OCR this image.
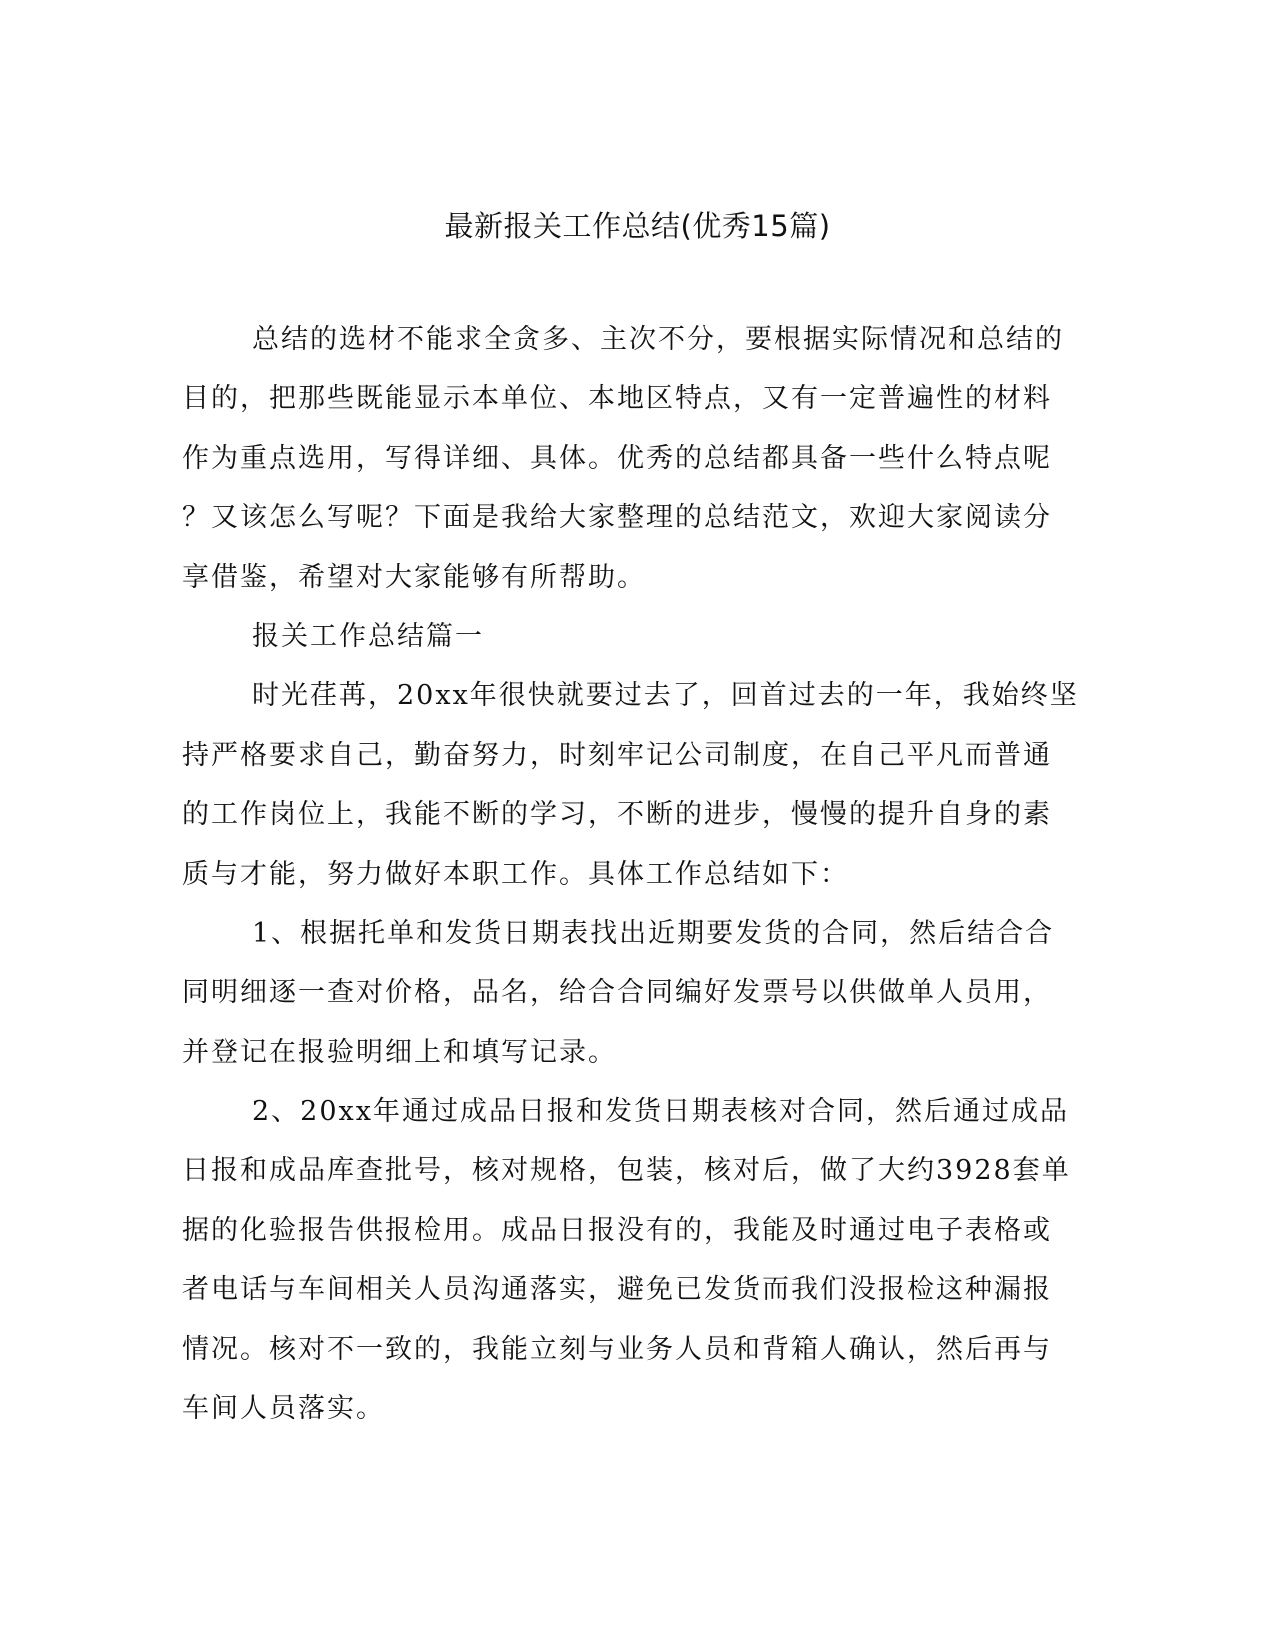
最新报关工作总结(优秀15篇)
总结的选材不能求全贪多、主次不分，要根据实际情况和总结的
目的，把那些既能显示本单位、本地区特点，又有一定普遍性的材料
作为重点选用，写得详细、具体。优秀的总结都具备一些什么特点呢
？又该怎么写呢？下面是我给大家整理的总结范文，欢迎大家阅读分
享借鉴，希望对大家能够有所帮助。
报关工作总结篇一
时光荏苒，20xx年很快就要过去了，回首过去的一年，我始终坚
持严格要求自己，勤奋努力，时刻牢记公司制度，在自己平凡而普通
的工作岗位上，我能不断的学习，不断的进步，慢慢的提升自身的素
质与才能，努力做好本职工作。具体工作总结如下：
1、根据托单和发货日期表找出近期要发货的合同，然后结合合
同明细逐一查对价格，品名，给合合同编好发票号以供做单人员用，
并登记在报验明细上和填写记录。
2、20xx年通过成品日报和发货日期表核对合同，然后通过成品
日报和成品库查批号，核对规格，包装，核对后，做了大约3928套单
据的化验报告供报检用。成品日报没有的，我能及时通过电子表格或
者电话与车间相关人员沟通落实，避免已发货而我们没报检这种漏报
情况。核对不一致的，我能立刻与业务人员和背箱人确认，然后再与
车间人员落实。
